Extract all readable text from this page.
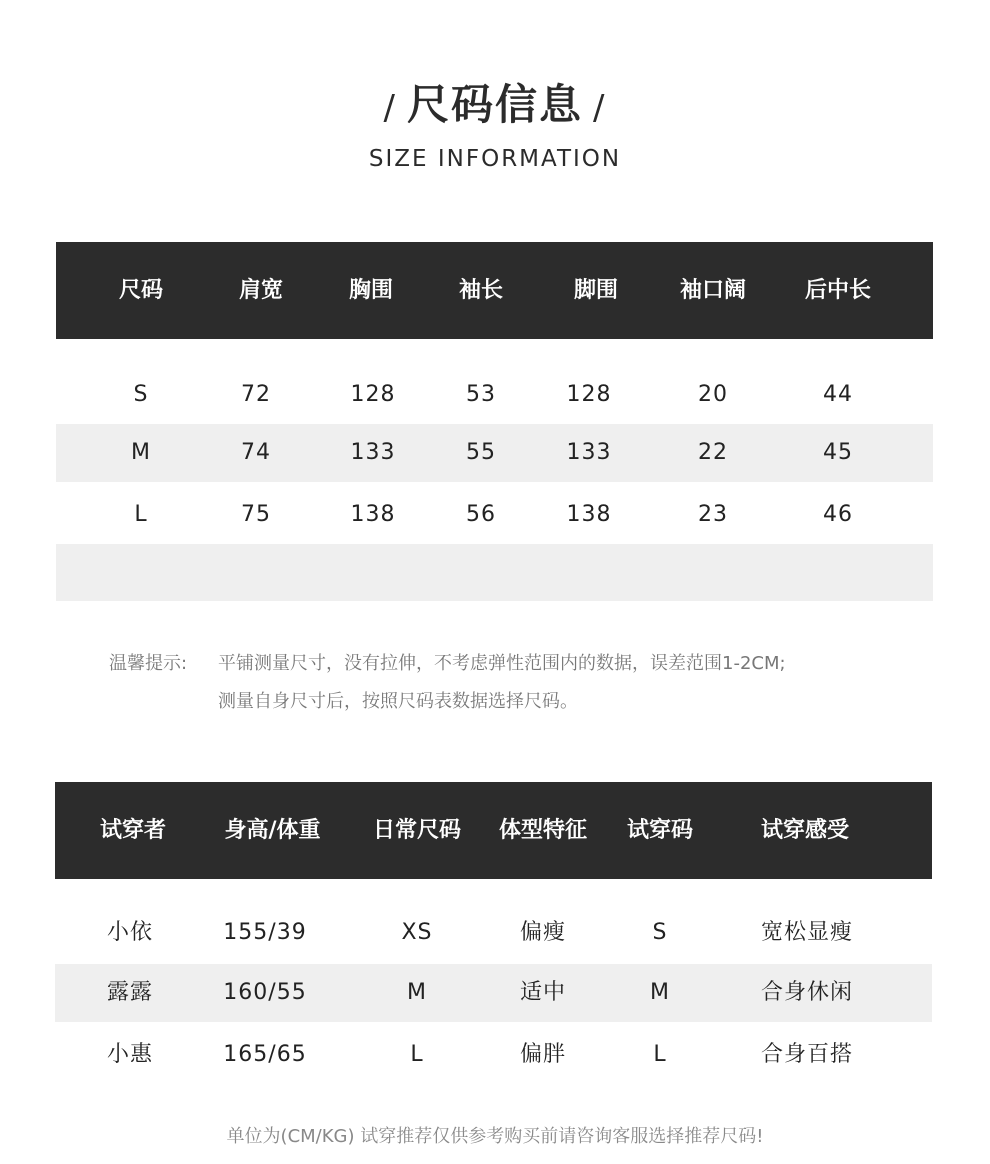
/ 尺码信息 /
SIZE INFORMATION
尺码	肩宽	胸围	袖长	脚围	袖口阔	后中长
S	72	128	53	128	20	44
M	74	133	55	133	22	45
L	75	138	56	138	23	46
温馨提示: 平铺测量尺寸，没有拉伸，不考虑弹性范围内的数据，误差范围1-2CM;
测量自身尺寸后，按照尺码表数据选择尺码。
试穿者	身高/体重	日常尺码	体型特征	试穿码	试穿感受
小依	155/39	XS	偏瘦	S	宽松显瘦
露露	160/55	M	适中	M	合身休闲
小惠	165/65	L	偏胖	L	合身百搭
单位为(CM/KG) 试穿推荐仅供参考购买前请咨询客服选择推荐尺码!
